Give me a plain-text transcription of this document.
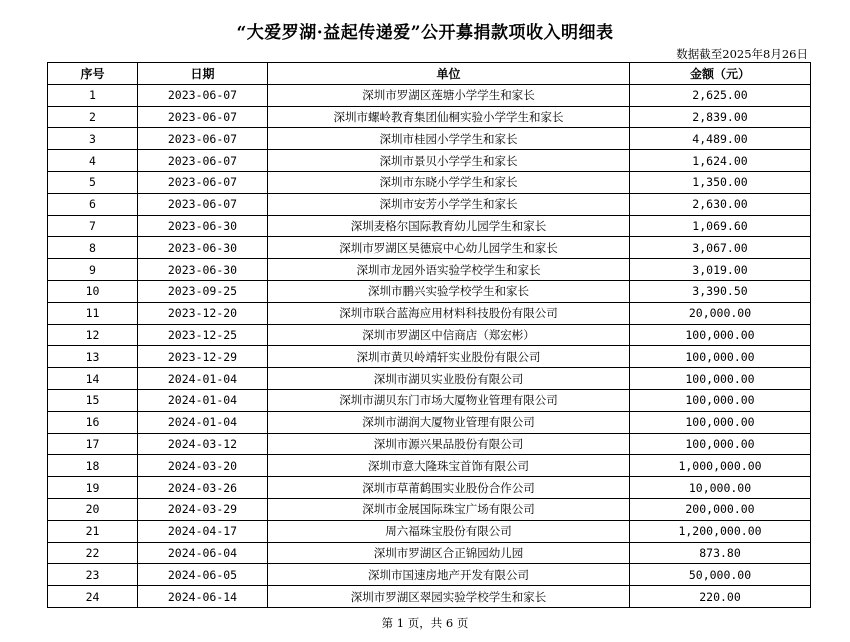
“大爱罗湖·益起传递爱”公开募捐款项收入明细表
数据截至2025年8月26日
序号	日期	单位	金额（元）
1	2023-06-07	深圳市罗湖区莲塘小学学生和家长	2,625.00
2	2023-06-07	深圳市螺岭教育集团仙桐实验小学学生和家长	2,839.00
3	2023-06-07	深圳市桂园小学学生和家长	4,489.00
4	2023-06-07	深圳市景贝小学学生和家长	1,624.00
5	2023-06-07	深圳市东晓小学学生和家长	1,350.00
6	2023-06-07	深圳市安芳小学学生和家长	2,630.00
7	2023-06-30	深圳麦格尔国际教育幼儿园学生和家长	1,069.60
8	2023-06-30	深圳市罗湖区昊德宸中心幼儿园学生和家长	3,067.00
9	2023-06-30	深圳市龙园外语实验学校学生和家长	3,019.00
10	2023-09-25	深圳市鹏兴实验学校学生和家长	3,390.50
11	2023-12-20	深圳市联合蓝海应用材料科技股份有限公司	20,000.00
12	2023-12-25	深圳市罗湖区中信商店（郑宏彬）	100,000.00
13	2023-12-29	深圳市黄贝岭靖轩实业股份有限公司	100,000.00
14	2024-01-04	深圳市湖贝实业股份有限公司	100,000.00
15	2024-01-04	深圳市湖贝东门市场大厦物业管理有限公司	100,000.00
16	2024-01-04	深圳市湖润大厦物业管理有限公司	100,000.00
17	2024-03-12	深圳市源兴果品股份有限公司	100,000.00
18	2024-03-20	深圳市意大隆珠宝首饰有限公司	1,000,000.00
19	2024-03-26	深圳市草莆鹤围实业股份合作公司	10,000.00
20	2024-03-29	深圳市金展国际珠宝广场有限公司	200,000.00
21	2024-04-17	周六福珠宝股份有限公司	1,200,000.00
22	2024-06-04	深圳市罗湖区合正锦园幼儿园	873.80
23	2024-06-05	深圳市国速房地产开发有限公司	50,000.00
24	2024-06-14	深圳市罗湖区翠园实验学校学生和家长	220.00
第 1 页，共 6 页
